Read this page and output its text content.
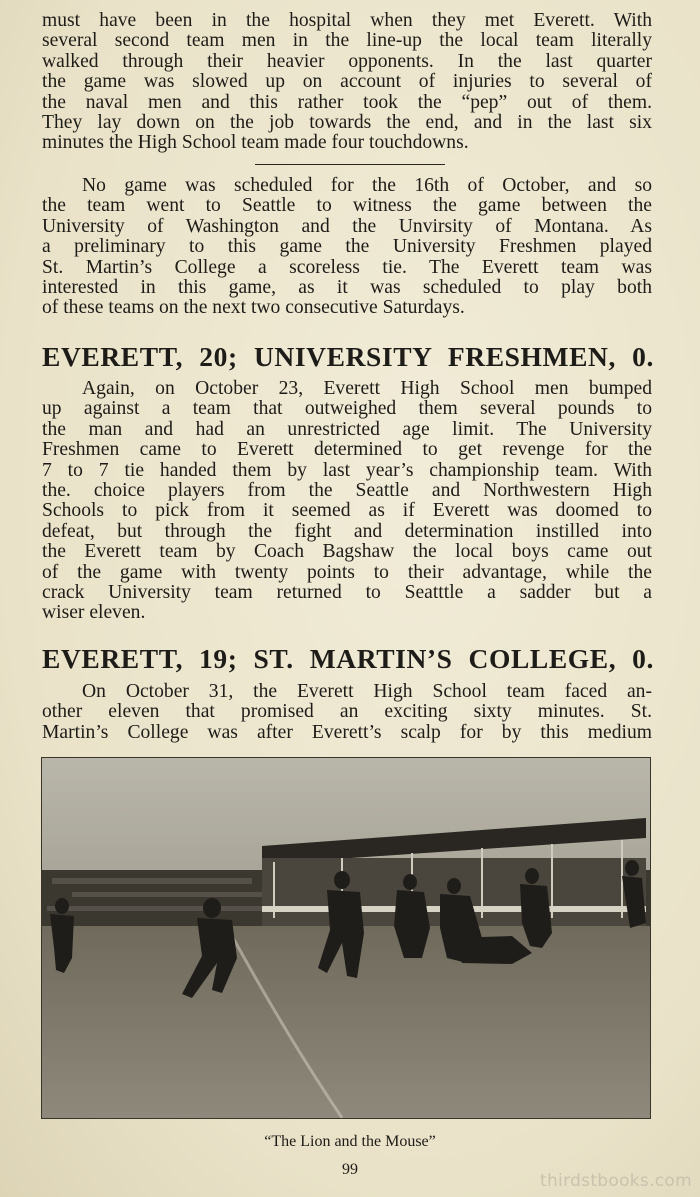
must have been in the hospital when they met Everett. With
several second team men in the line-up the local team literally
walked through their heavier opponents. In the last quarter
the game was slowed up on account of injuries to several of
the naval men and this rather took the “pep” out of them.
They lay down on the job towards the end, and in the last six
minutes the High School team made four touchdowns.

No game was scheduled for the 16th of October, and so
the team went to Seattle to witness the game between the
University of Washington and the Unvirsity of Montana. As
a preliminary to this game the University Freshmen played
St. Martin’s College a scoreless tie. The Everett team was
interested in this game, as it was scheduled to play both
of these teams on the next two consecutive Saturdays.

EVERETT, 20; UNIVERSITY FRESHMEN, 0.

Again, on October 23, Everett High School men bumped
up against a team that outweighed them several pounds to
the man and had an unrestricted age limit. The University
Freshmen came to Everett determined to get revenge for the
7 to 7 tie handed them by last year’s championship team. With
the. choice players from the Seattle and Northwestern High
Schools to pick from it seemed as if Everett was doomed to
defeat, but through the fight and determination instilled into
the Everett team by Coach Bagshaw the local boys came out
of the game with twenty points to their advantage, while the
crack University team returned to Seatttle a sadder but a
wiser eleven.

EVERETT, 19; ST. MARTIN’S COLLEGE, 0.

On October 31, the Everett High School team faced an-
other eleven that promised an exciting sixty minutes. St.
Martin’s College was after Everett’s scalp for by this medium

“The Lion and the Mouse”
99
thirdstbooks.com
